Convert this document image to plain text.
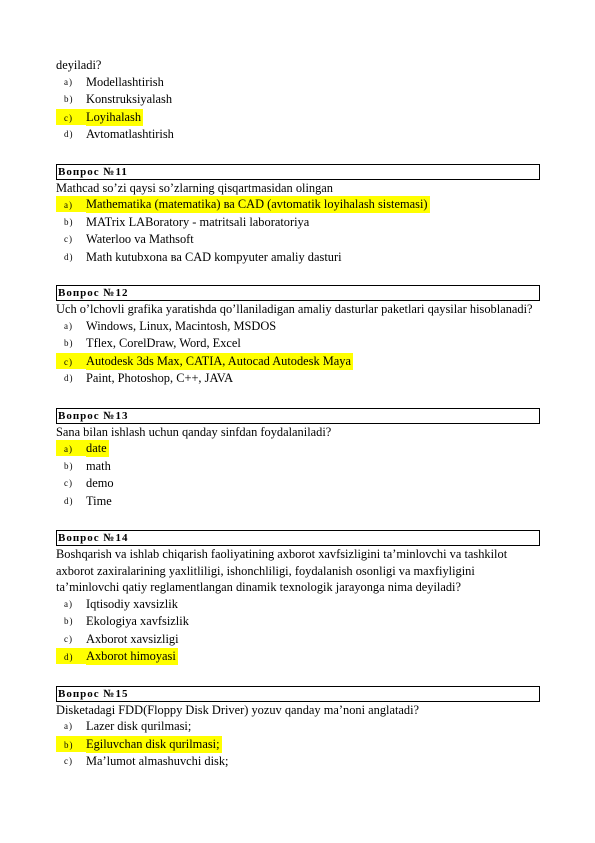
deyiladi?
a) Modellashtirish
b) Konstruksiyalash
c)	Loyihalash
d) Avtomatlashtirish
Вопрос №11
Mathcad so’zi qaysi so’zlarning qisqartmasidan olingan
a)	Mathematika (matematika) ва CAD (avtomatik loyihalash sistemasi)
b) MATrix LABoratory - matritsali laboratoriya
c) Waterloo va Mathsoft
d) Math kutubxona ва CAD kompyuter amaliy dasturi
Вопрос №12
Uch o’lchovli grafika yaratishda qo’llaniladigan amaliy dasturlar paketlari qaysilar hisoblanadi?
a) Windows, Linux, Macintosh, MSDOS
b) Tflex, CorelDraw, Word, Excel
c)	Autodesk 3ds Max, CATIA, Autocad Autodesk Maya
d) Paint, Photoshop, C++, JAVA
Вопрос №13
Sana bilan ishlash uchun qanday sinfdan foydalaniladi?
a)	date
b) math
c) demo
d) Time
Вопрос №14
Boshqarish va ishlab chiqarish faoliyatining axborot xavfsizligini ta’minlovchi va tashkilot axborot zaxiralarining yaxlitliligi, ishonchliligi, foydalanish osonligi va maxfiyligini ta’minlovchi qatiy reglamentlangan dinamik texnologik jarayonga nima deyiladi?
a) Iqtisodiy xavsizlik
b) Ekologiya xavfsizlik
c) Axborot xavsizligi
d)	Axborot himoyasi
Вопрос №15
Disketadagi FDD(Floppy Disk Driver) yozuv qanday ma’noni anglatadi?
a) Lazer disk qurilmasi;
b)	Egiluvchan disk qurilmasi;
c) Ma’lumot almashuvchi disk;
